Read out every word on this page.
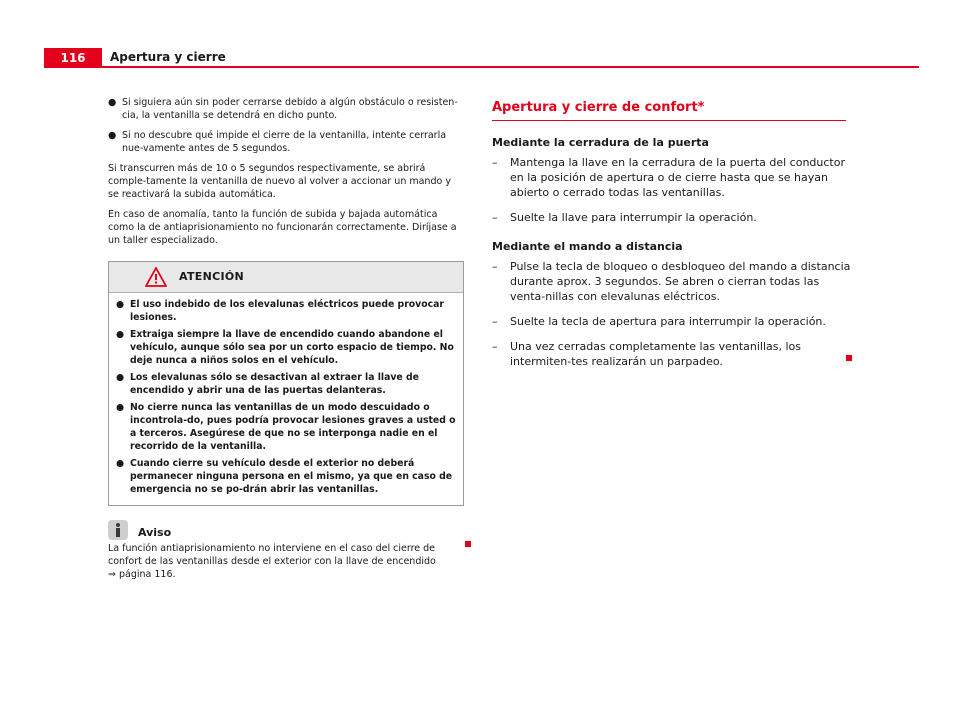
116	Apertura y cierre

● Si siguiera aún sin poder cerrarse debido a algún obstáculo o resisten-cia, la ventanilla se detendrá en dicho punto.

● Si no descubre qué impide el cierre de la ventanilla, intente cerrarla nue-vamente antes de 5 segundos.

Si transcurren más de 10 o 5 segundos respectivamente, se abrirá comple-tamente la ventanilla de nuevo al volver a accionar un mando y se reactivará la subida automática.

En caso de anomalía, tanto la función de subida y bajada automática como la de antiaprisionamiento no funcionarán correctamente. Diríjase a un taller especializado.

ATENCIÓN

● El uso indebido de los elevalunas eléctricos puede provocar lesiones.

● Extraiga siempre la llave de encendido cuando abandone el vehículo, aunque sólo sea por un corto espacio de tiempo. No deje nunca a niños solos en el vehículo.

● Los elevalunas sólo se desactivan al extraer la llave de encendido y abrir una de las puertas delanteras.

● No cierre nunca las ventanillas de un modo descuidado o incontrola-do, pues podría provocar lesiones graves a usted o a terceros. Asegúrese de que no se interponga nadie en el recorrido de la ventanilla.

● Cuando cierre su vehículo desde el exterior no deberá permanecer ninguna persona en el mismo, ya que en caso de emergencia no se po-drán abrir las ventanillas.

Aviso

La función antiaprisionamiento no interviene en el caso del cierre de confort de las ventanillas desde el exterior con la llave de encendido
⇒ página 116.

Apertura y cierre de confort*
Mediante la cerradura de la puerta

– Mantenga la llave en la cerradura de la puerta del conductor en la posición de apertura o de cierre hasta que se hayan abierto o cerrado todas las ventanillas.

– Suelte la llave para interrumpir la operación.

Mediante el mando a distancia

– Pulse la tecla de bloqueo o desbloqueo del mando a distancia durante aprox. 3 segundos. Se abren o cierran todas las venta-nillas con elevalunas eléctricos.

– Suelte la tecla de apertura para interrumpir la operación.

– Una vez cerradas completamente las ventanillas, los intermiten-tes realizarán un parpadeo.
